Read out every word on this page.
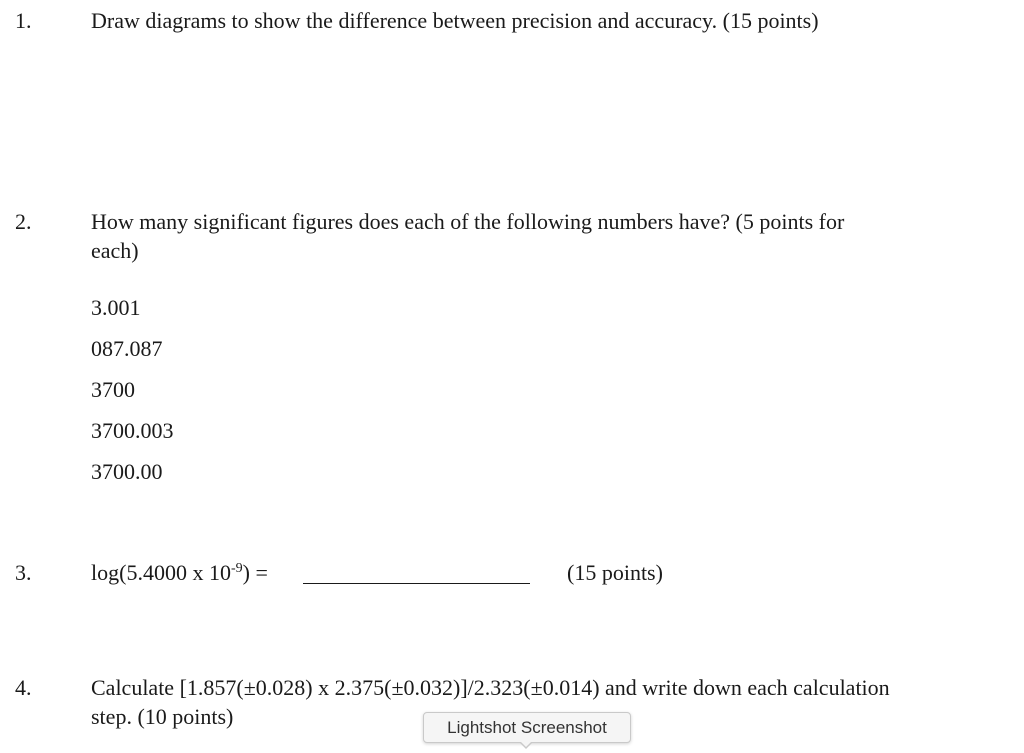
1.	Draw diagrams to show the difference between precision and accuracy. (15 points)
2.	How many significant figures does each of the following numbers have? (5 points for
each)
3.001
087.087
3700
3700.003
3700.00
3.	log(5.4000 x $10^{-9}$) =	(15 points)
4.	Calculate [1.857(±0.028) x 2.375(±0.032)]/2.323(±0.014) and write down each calculation
step. (10 points)	Lightshot Screenshot
